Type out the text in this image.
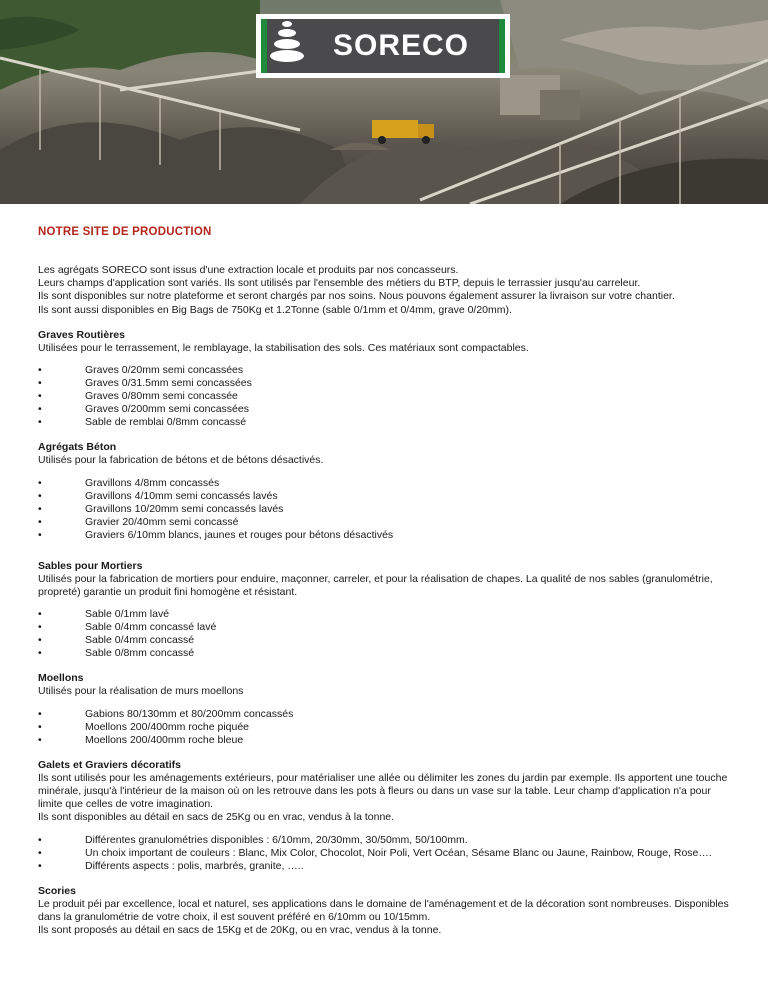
SORECO
NOTRE SITE DE PRODUCTION

Les agrégats SORECO sont issus d'une extraction locale et produits par nos concasseurs.

Leurs champs d'application sont variés. Ils sont utilisés par l'ensemble des métiers du BTP, depuis le terrassier jusqu'au carreleur.

Ils sont disponibles sur notre plateforme et seront chargés par nos soins. Nous pouvons également assurer la livraison sur votre chantier.

Ils sont aussi disponibles en Big Bags de 750Kg et 1.2Tonne (sable 0/1mm et 0/4mm, grave 0/20mm).

Graves Routières

Utilisées pour le terrassement, le remblayage, la stabilisation des sols. Ces matériaux sont compactables.

• Graves 0/20mm semi concassées
• Graves 0/31.5mm semi concassées
• Graves 0/80mm semi concassée
• Graves 0/200mm semi concassées
• Sable de remblai 0/8mm concassé
Agrégats Béton

Utilisés pour la fabrication de bétons et de bétons désactivés.

• Gravillons 4/8mm concassés
• Gravillons 4/10mm semi concassés lavés
• Gravillons 10/20mm semi concassés lavés
• Gravier 20/40mm semi concassé
• Graviers 6/10mm blancs, jaunes et rouges pour bétons désactivés
Sables pour Mortiers

Utilisés pour la fabrication de mortiers pour enduire, maçonner, carreler, et pour la réalisation de chapes. La qualité de nos sables (granulométrie, propreté) garantie un produit fini homogène et résistant.

• Sable 0/1mm lavé
• Sable 0/4mm concassé lavé
• Sable 0/4mm concassé
• Sable 0/8mm concassé
Moellons

Utilisés pour la réalisation de murs moellons

• Gabions 80/130mm et 80/200mm concassés
• Moellons 200/400mm roche piquée
• Moellons 200/400mm roche bleue
Galets et Graviers décoratifs

Ils sont utilisés pour les aménagements extérieurs, pour matérialiser une allée ou délimiter les zones du jardin par exemple. Ils apportent une touche minérale, jusqu'à l'intérieur de la maison où on les retrouve dans les pots à fleurs ou dans un vase sur la table. Leur champ d'application n'a pour limite que celles de votre imagination.

Ils sont disponibles au détail en sacs de 25Kg ou en vrac, vendus à la tonne.

• Différentes granulométries disponibles : 6/10mm, 20/30mm, 30/50mm, 50/100mm.
• Un choix important de couleurs : Blanc, Mix Color, Chocolot, Noir Poli, Vert Océan, Sésame Blanc ou Jaune, Rainbow, Rouge, Rose….
• Différents aspects : polis, marbrés, granite, …..
Scories

Le produit péi par excellence, local et naturel, ses applications dans le domaine de l'aménagement et de la décoration sont nombreuses. Disponibles dans la granulométrie de votre choix, il est souvent préféré en 6/10mm ou 10/15mm.

Ils sont proposés au détail en sacs de 15Kg et de 20Kg, ou en vrac, vendus à la tonne.
